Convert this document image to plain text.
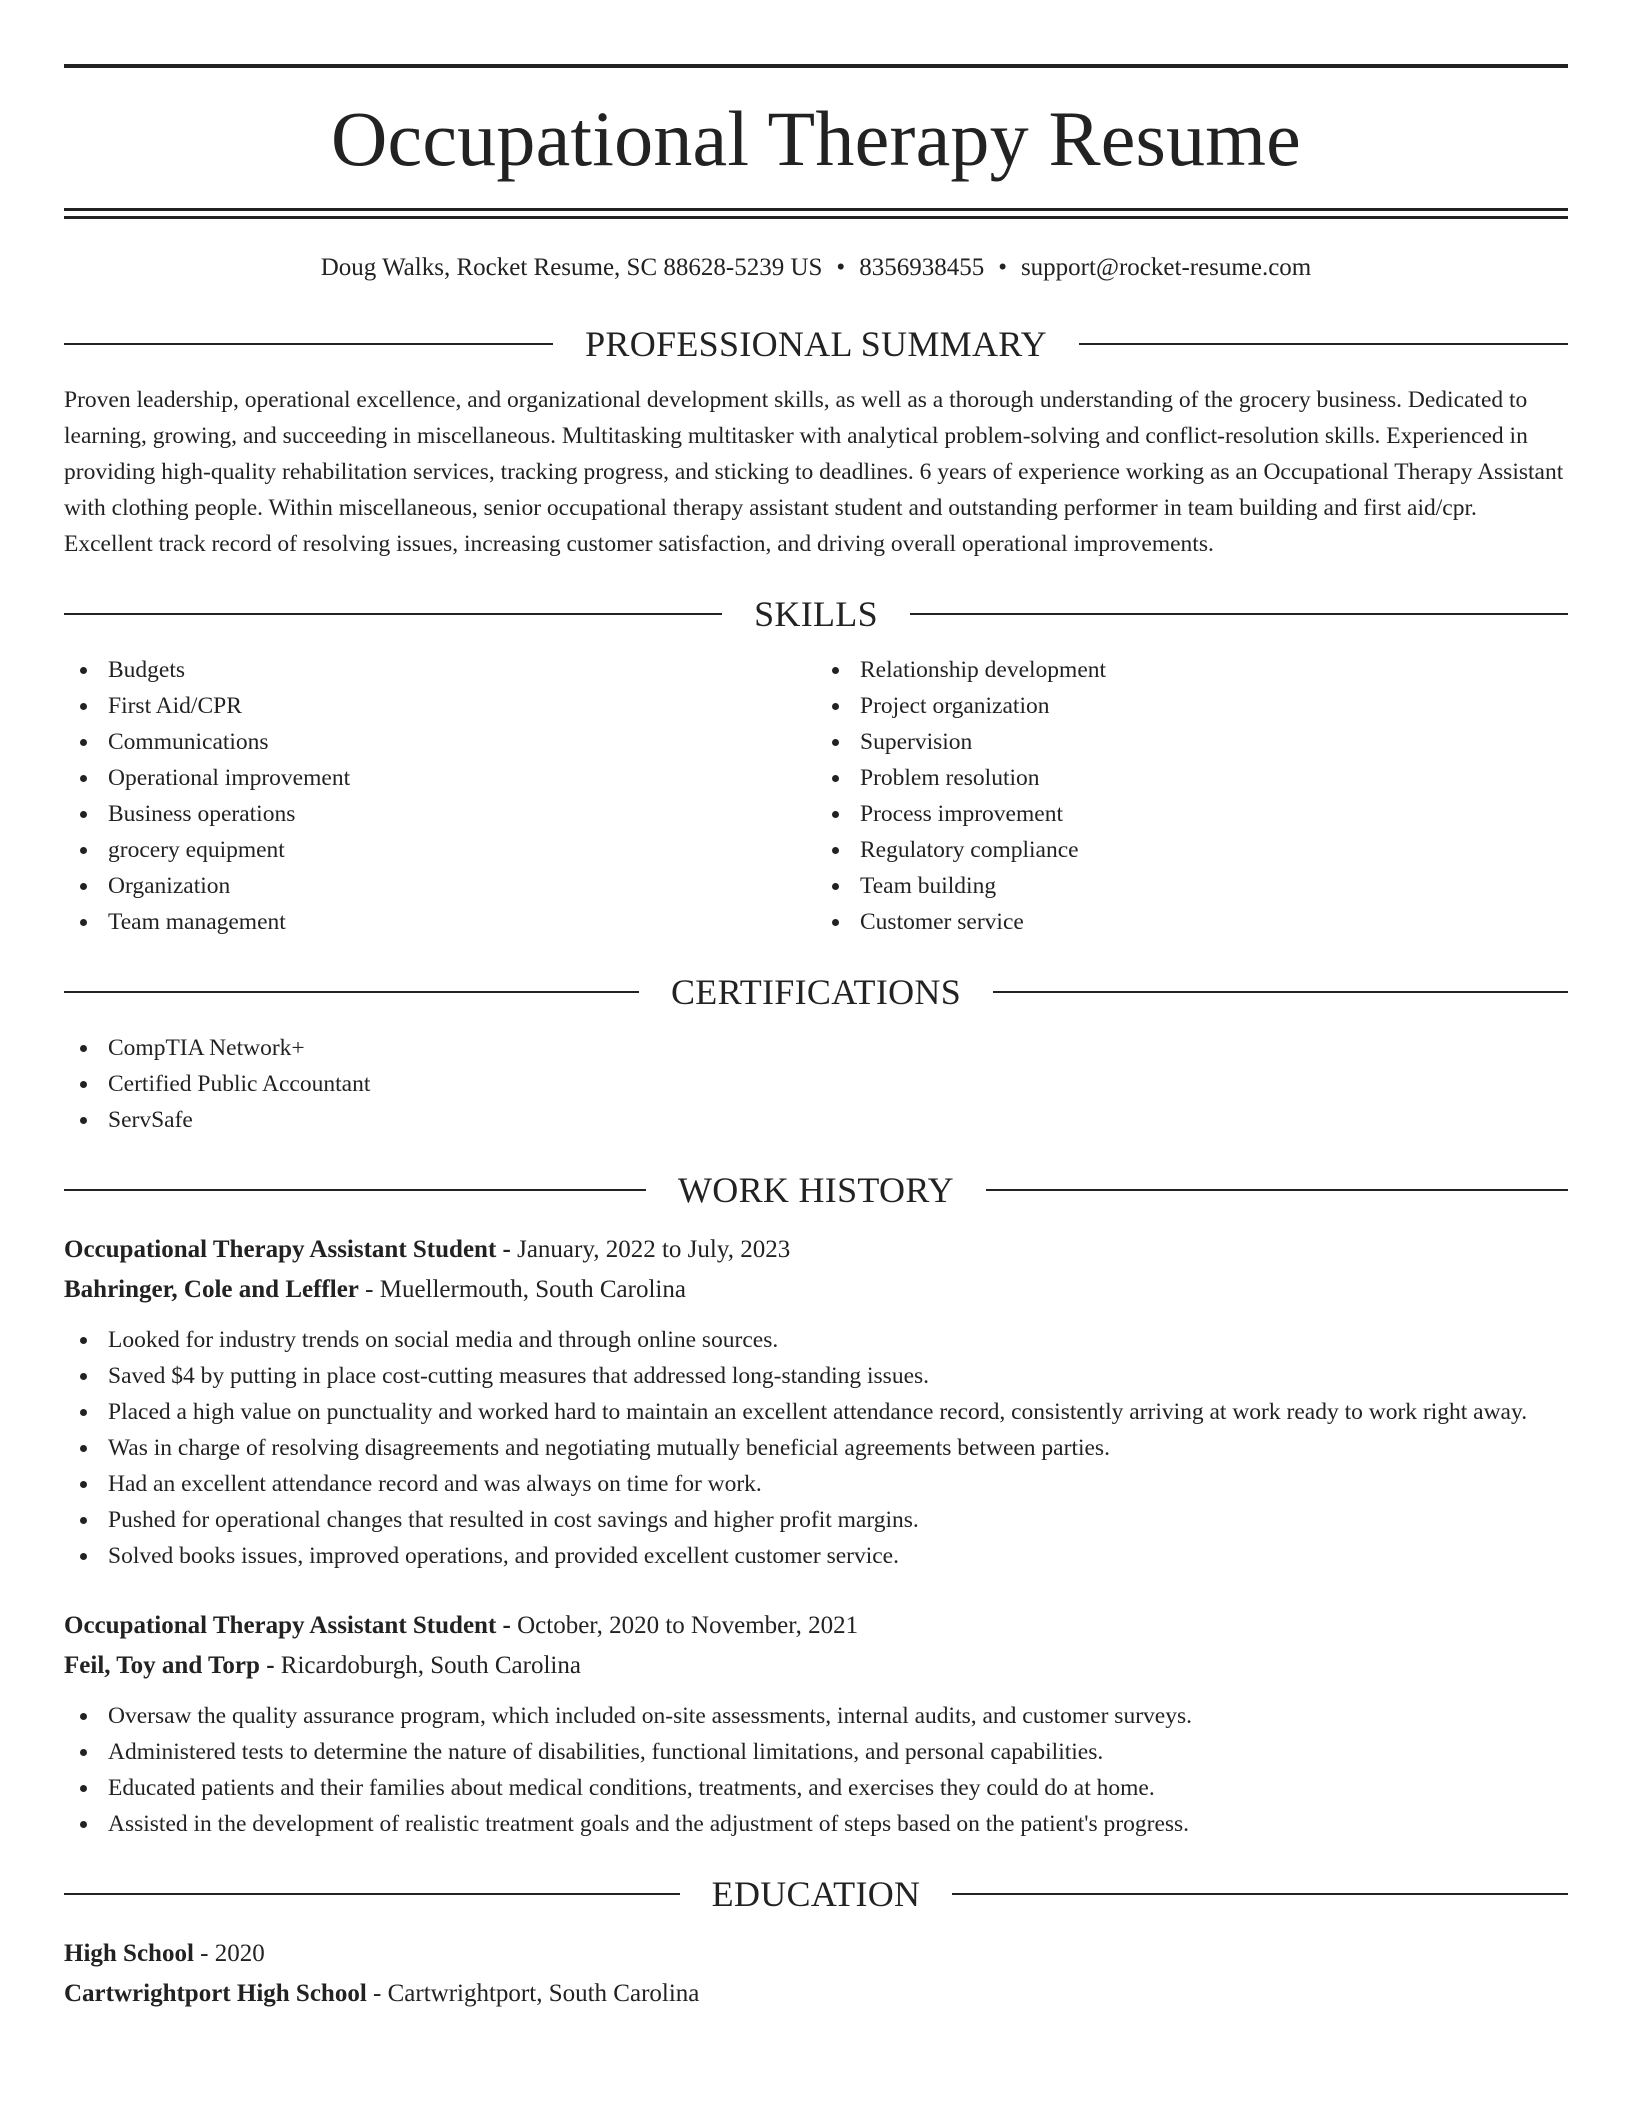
Occupational Therapy Resume
Doug Walks, Rocket Resume, SC 88628-5239 US • 8356938455 • support@rocket-resume.com
PROFESSIONAL SUMMARY

Proven leadership, operational excellence, and organizational development skills, as well as a thorough understanding of the grocery business. Dedicated to learning, growing, and succeeding in miscellaneous. Multitasking multitasker with analytical problem-solving and conflict-resolution skills. Experienced in providing high-quality rehabilitation services, tracking progress, and sticking to deadlines. 6 years of experience working as an Occupational Therapy Assistant with clothing people. Within miscellaneous, senior occupational therapy assistant student and outstanding performer in team building and first aid/cpr. Excellent track record of resolving issues, increasing customer satisfaction, and driving overall operational improvements.

SKILLS
Budgets
First Aid/CPR
Communications
Operational improvement
Business operations
grocery equipment
Organization
Team management
Relationship development
Project organization
Supervision
Problem resolution
Process improvement
Regulatory compliance
Team building
Customer service
CERTIFICATIONS
CompTIA Network+
Certified Public Accountant
ServSafe
WORK HISTORY
Occupational Therapy Assistant Student - January, 2022 to July, 2023
Bahringer, Cole and Leffler - Muellermouth, South Carolina
Looked for industry trends on social media and through online sources.
Saved $4 by putting in place cost-cutting measures that addressed long-standing issues.
Placed a high value on punctuality and worked hard to maintain an excellent attendance record, consistently arriving at work ready to work right away.
Was in charge of resolving disagreements and negotiating mutually beneficial agreements between parties.
Had an excellent attendance record and was always on time for work.
Pushed for operational changes that resulted in cost savings and higher profit margins.
Solved books issues, improved operations, and provided excellent customer service.
Occupational Therapy Assistant Student - October, 2020 to November, 2021
Feil, Toy and Torp - Ricardoburgh, South Carolina
Oversaw the quality assurance program, which included on-site assessments, internal audits, and customer surveys.
Administered tests to determine the nature of disabilities, functional limitations, and personal capabilities.
Educated patients and their families about medical conditions, treatments, and exercises they could do at home.
Assisted in the development of realistic treatment goals and the adjustment of steps based on the patient's progress.
EDUCATION
High School - 2020
Cartwrightport High School - Cartwrightport, South Carolina
